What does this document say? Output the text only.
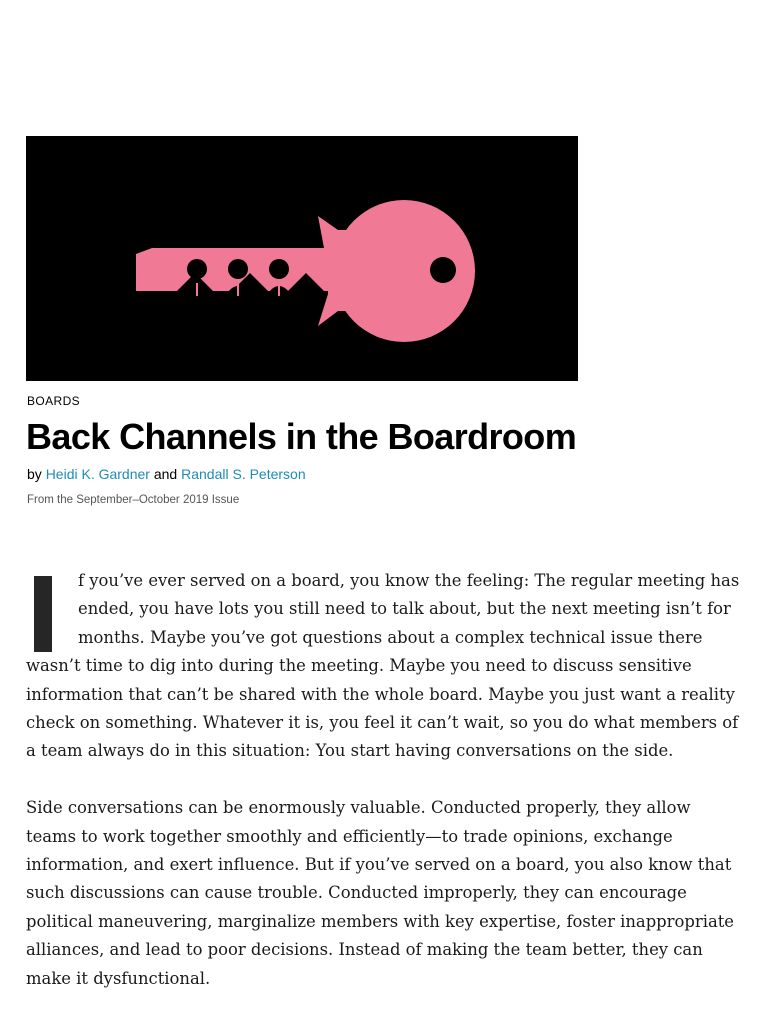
BOARDS
Back Channels in the Boardroom
by Heidi K. Gardner and Randall S. Peterson
From the September–October 2019 Issue

f you’ve ever served on a board, you know the feeling: The regular meeting has ended, you have lots you still need to talk about, but the next meeting isn’t for months. Maybe you’ve got questions about a complex technical issue there wasn’t time to dig into during the meeting. Maybe you need to discuss sensitive information that can’t be shared with the whole board. Maybe you just want a reality check on something. Whatever it is, you feel it can’t wait, so you do what members of a team always do in this situation: You start having conversations on the side.

Side conversations can be enormously valuable. Conducted properly, they allow teams to work together smoothly and efficiently—to trade opinions, exchange information, and exert influence. But if you’ve served on a board, you also know that such discussions can cause trouble. Conducted improperly, they can encourage political maneuvering, marginalize members with key expertise, foster inappropriate alliances, and lead to poor decisions. Instead of making the team better, they can make it dysfunctional.
